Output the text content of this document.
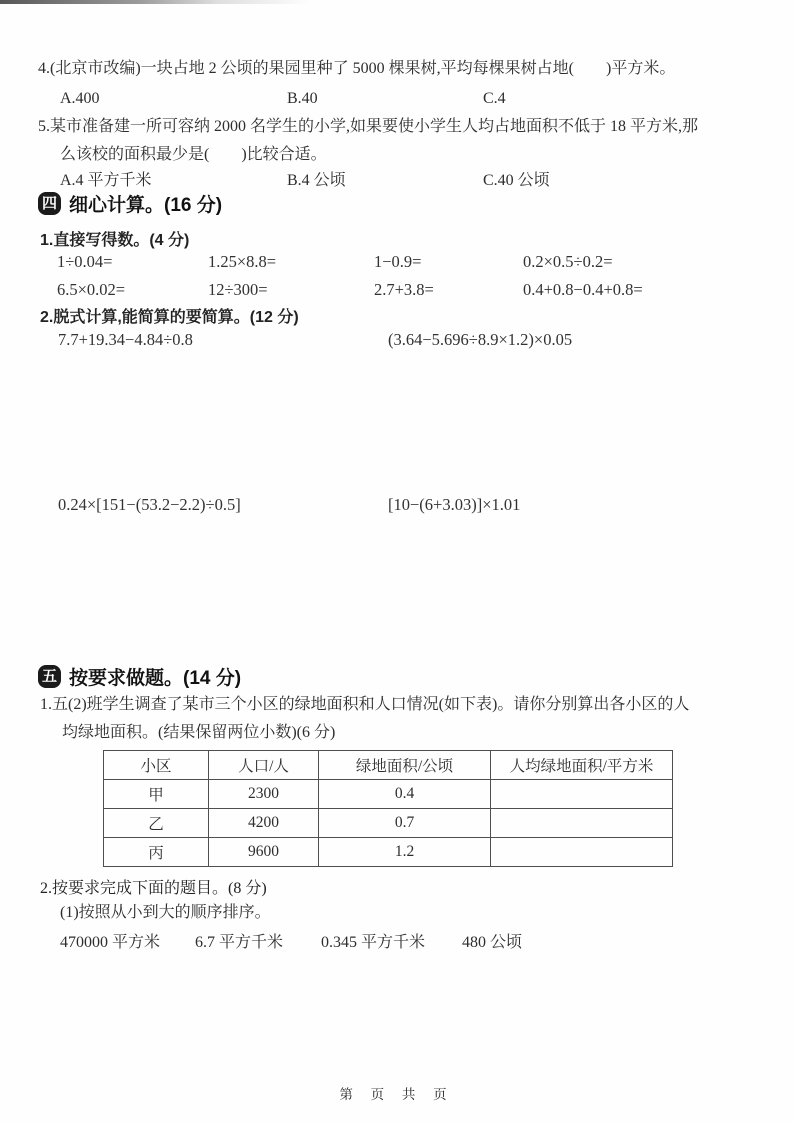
4.(北京市改编)一块占地 2 公顷的果园里种了 5000 棵果树,平均每棵果树占地(　　)平方米。
A.400	B.40	C.4
5.某市准备建一所可容纳 2000 名学生的小学,如果要使小学生人均占地面积不低于 18 平方米,那
么该校的面积最少是(　　)比较合适。
A.4 平方千米	B.4 公顷	C.40 公顷
四 细心计算。(16 分)
1.直接写得数。(4 分)
1÷0.04=	1.25×8.8=	1−0.9=	0.2×0.5÷0.2=
6.5×0.02=	12÷300=	2.7+3.8=	0.4+0.8−0.4+0.8=
2.脱式计算,能简算的要简算。(12 分)
7.7+19.34−4.84÷0.8	(3.64−5.696÷8.9×1.2)×0.05
0.24×[151−(53.2−2.2)÷0.5]	[10−(6+3.03)]×1.01
五 按要求做题。(14 分)
1.五(2)班学生调查了某市三个小区的绿地面积和人口情况(如下表)。请你分别算出各小区的人
均绿地面积。(结果保留两位小数)(6 分)
小区	人口/人	绿地面积/公顷	人均绿地面积/平方米
甲	2300	0.4	
乙	4200	0.7	
丙	9600	1.2	
2.按要求完成下面的题目。(8 分)
(1)按照从小到大的顺序排序。
470000 平方米 6.7 平方千米 0.345 平方千米 480 公顷
第 页 共 页
